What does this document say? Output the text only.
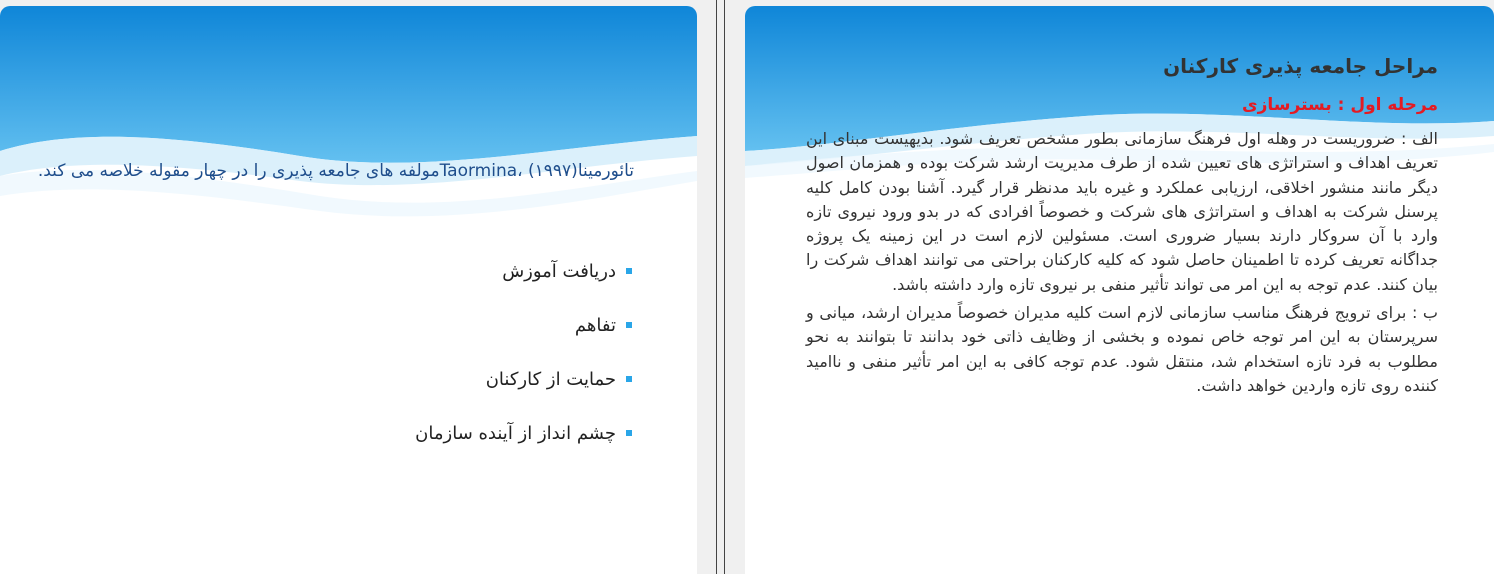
تائورمیناTaormina، (۱۹۹۷)مولفه های جامعه پذیری را در چهار مقوله خلاصه می کند.
دریافت آموزش
تفاهم
حمایت از کارکنان
چشم انداز از آینده سازمان
مراحل جامعه پذیری کارکنان
مرحله اول : بسترسازی

الف : ضروریست در وهله اول فرهنگ سازمانی بطور مشخص تعریف شود. بدیهیست مبنای این تعریف اهداف و استراتژی های تعیین شده از طرف مدیریت ارشد شرکت بوده و همزمان اصول دیگر مانند منشور اخلاقی، ارزیابی عملکرد و غیره باید مدنظر قرار گیرد. آشنا بودن کامل کلیه پرسنل شرکت به اهداف و استراتژی های شرکت و خصوصاً افرادی که در بدو ورود نیروی تازه وارد با آن سروکار دارند بسیار ضروری است. مسئولین لازم است در این زمینه یک پروژه جداگانه تعریف کرده تا اطمینان حاصل شود که کلیه کارکنان براحتی می توانند اهداف شرکت را بیان کنند. عدم توجه به این امر می تواند تأثیر منفی بر نیروی تازه وارد داشته باشد.

ب : برای ترویج فرهنگ مناسب سازمانی لازم است کلیه مدیران خصوصاً مدیران ارشد، میانی و سرپرستان به این امر توجه خاص نموده و بخشی از وظایف ذاتی خود بدانند تا بتوانند به نحو مطلوب به فرد تازه استخدام شد، منتقل شود. عدم توجه کافی به این امر تأثیر منفی و ناامید کننده روی تازه واردین خواهد داشت.
